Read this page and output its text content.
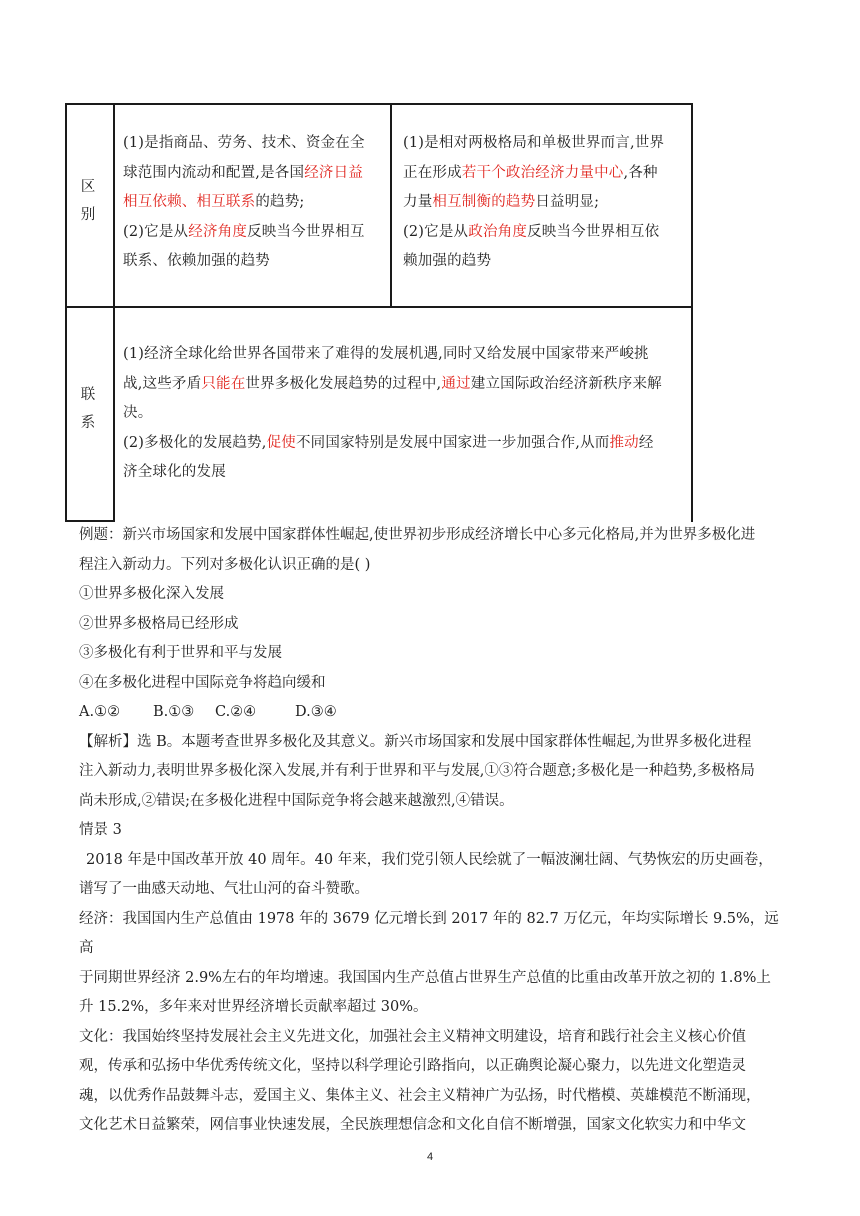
区
别
联
系
(1)是指商品、劳务、技术、资金在全
球范围内流动和配置,是各国经济日益
相互依赖、相互联系的趋势;
(2)它是从经济角度反映当今世界相互
联系、依赖加强的趋势
(1)是相对两极格局和单极世界而言,世界
正在形成若干个政治经济力量中心,各种
力量相互制衡的趋势日益明显;
(2)它是从政治角度反映当今世界相互依
赖加强的趋势
(1)经济全球化给世界各国带来了难得的发展机遇,同时又给发展中国家带来严峻挑
战,这些矛盾只能在世界多极化发展趋势的过程中,通过建立国际政治经济新秩序来解
决。
(2)多极化的发展趋势,促使不同国家特别是发展中国家进一步加强合作,从而推动经
济全球化的发展

例题：新兴市场国家和发展中国家群体性崛起,使世界初步形成经济增长中心多元化格局,并为世界多极化进

程注入新动力。下列对多极化认识正确的是( )

①世界多极化深入发展

②世界多极格局已经形成

③多极化有利于世界和平与发展

④在多极化进程中国际竞争将趋向缓和

A.①② B.①③ C.②④	D.③④

【解析】选 B。本题考查世界多极化及其意义。新兴市场国家和发展中国家群体性崛起,为世界多极化进程

注入新动力,表明世界多极化深入发展,并有利于世界和平与发展,①③符合题意;多极化是一种趋势,多极格局

尚未形成,②错误;在多极化进程中国际竞争将会越来越激烈,④错误。

情景 3

2018 年是中国改革开放 40 周年。40 年来，我们党引领人民绘就了一幅波澜壮阔、气势恢宏的历史画卷，

谱写了一曲感天动地、气壮山河的奋斗赞歌。

经济：我国国内生产总值由 1978 年的 3679 亿元增长到 2017 年的 82.7 万亿元，年均实际增长 9.5%，远高

于同期世界经济 2.9%左右的年均增速。我国国内生产总值占世界生产总值的比重由改革开放之初的 1.8%上

升 15.2%，多年来对世界经济增长贡献率超过 30%。

文化：我国始终坚持发展社会主义先进文化，加强社会主义精神文明建设，培育和践行社会主义核心价值

观，传承和弘扬中华优秀传统文化，坚持以科学理论引路指向，以正确舆论凝心聚力，以先进文化塑造灵

魂，以优秀作品鼓舞斗志，爱国主义、集体主义、社会主义精神广为弘扬，时代楷模、英雄模范不断涌现，

文化艺术日益繁荣，网信事业快速发展，全民族理想信念和文化自信不断增强，国家文化软实力和中华文

4
